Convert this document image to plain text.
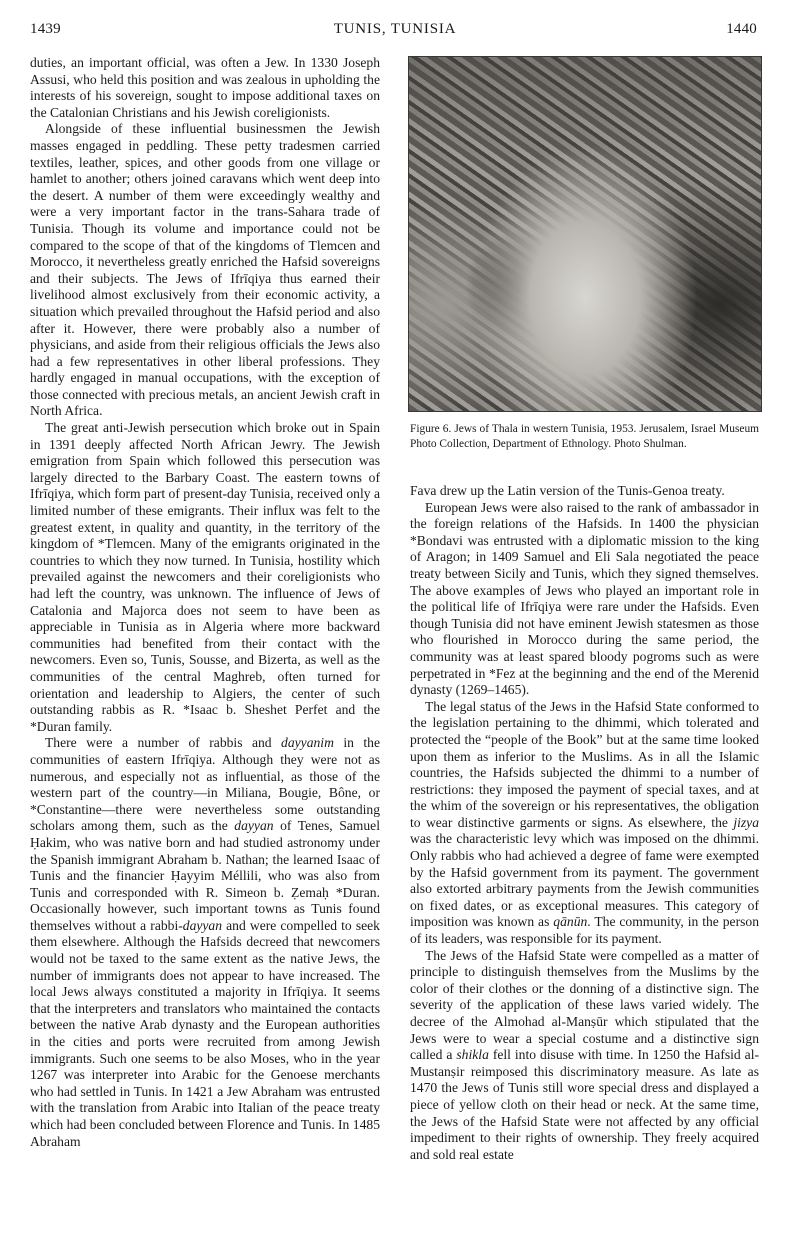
1439	TUNIS, TUNISIA	1440

duties, an important official, was often a Jew. In 1330 Joseph Assusi, who held this position and was zealous in upholding the interests of his sovereign, sought to impose additional taxes on the Catalonian Christians and his Jewish coreligionists.

Alongside of these influential businessmen the Jewish masses engaged in peddling. These petty tradesmen carried textiles, leather, spices, and other goods from one village or hamlet to another; others joined caravans which went deep into the desert. A number of them were exceedingly wealthy and were a very important factor in the trans-Sahara trade of Tunisia. Though its volume and importance could not be compared to the scope of that of the kingdoms of Tlemcen and Morocco, it nevertheless greatly enriched the Hafsid sovereigns and their subjects. The Jews of Ifrīqiya thus earned their livelihood almost exclusively from their economic activity, a situation which prevailed throughout the Hafsid period and also after it. However, there were probably also a number of physicians, and aside from their religious officials the Jews also had a few representatives in other liberal professions. They hardly engaged in manual occupations, with the exception of those connected with precious metals, an ancient Jewish craft in North Africa.

The great anti-Jewish persecution which broke out in Spain in 1391 deeply affected North African Jewry. The Jewish emigration from Spain which followed this persecution was largely directed to the Barbary Coast. The eastern towns of Ifrīqiya, which form part of present-day Tunisia, received only a limited number of these emigrants. Their influx was felt to the greatest extent, in quality and quantity, in the territory of the kingdom of *Tlemcen. Many of the emigrants originated in the countries to which they now turned. In Tunisia, hostility which prevailed against the newcomers and their coreligionists who had left the country, was unknown. The influence of Jews of Catalonia and Majorca does not seem to have been as appreciable in Tunisia as in Algeria where more backward communities had benefited from their contact with the newcomers. Even so, Tunis, Sousse, and Bizerta, as well as the communities of the central Maghreb, often turned for orientation and leadership to Algiers, the center of such outstanding rabbis as R. *Isaac b. Sheshet Perfet and the *Duran family.

There were a number of rabbis and dayyanim in the communities of eastern Ifrīqiya. Although they were not as numerous, and especially not as influential, as those of the western part of the country—in Miliana, Bougie, Bône, or *Constantine—there were nevertheless some outstanding scholars among them, such as the dayyan of Tenes, Samuel Ḥakim, who was native born and had studied astronomy under the Spanish immigrant Abraham b. Nathan; the learned Isaac of Tunis and the financier Ḥayyim Méllili, who was also from Tunis and corresponded with R. Simeon b. Ẓemaḥ *Duran. Occasionally however, such important towns as Tunis found themselves without a rabbi-dayyan and were compelled to seek them elsewhere. Although the Hafsids decreed that newcomers would not be taxed to the same extent as the native Jews, the number of immigrants does not appear to have increased. The local Jews always constituted a majority in Ifrīqiya. It seems that the interpreters and translators who maintained the contacts between the native Arab dynasty and the European authorities in the cities and ports were recruited from among Jewish immigrants. Such one seems to be also Moses, who in the year 1267 was interpreter into Arabic for the Genoese merchants who had settled in Tunis. In 1421 a Jew Abraham was entrusted with the translation from Arabic into Italian of the peace treaty which had been concluded between Florence and Tunis. In 1485 Abraham

Figure 6. Jews of Thala in western Tunisia, 1953. Jerusalem, Israel Museum Photo Collection, Department of Ethnology. Photo Shulman.

Fava drew up the Latin version of the Tunis-Genoa treaty.

European Jews were also raised to the rank of ambassador in the foreign relations of the Hafsids. In 1400 the physician *Bondavi was entrusted with a diplomatic mission to the king of Aragon; in 1409 Samuel and Eli Sala negotiated the peace treaty between Sicily and Tunis, which they signed themselves. The above examples of Jews who played an important role in the political life of Ifrīqiya were rare under the Hafsids. Even though Tunisia did not have eminent Jewish statesmen as those who flourished in Morocco during the same period, the community was at least spared bloody pogroms such as were perpetrated in *Fez at the beginning and the end of the Merenid dynasty (1269–1465).

The legal status of the Jews in the Hafsid State conformed to the legislation pertaining to the dhimmi, which tolerated and protected the “people of the Book” but at the same time looked upon them as inferior to the Muslims. As in all the Islamic countries, the Hafsids subjected the dhimmi to a number of restrictions: they imposed the payment of special taxes, and at the whim of the sovereign or his representatives, the obligation to wear distinctive garments or signs. As elsewhere, the jizya was the characteristic levy which was imposed on the dhimmi. Only rabbis who had achieved a degree of fame were exempted by the Hafsid government from its payment. The government also extorted arbitrary payments from the Jewish communities on fixed dates, or as exceptional measures. This category of imposition was known as qānūn. The community, in the person of its leaders, was responsible for its payment.

The Jews of the Hafsid State were compelled as a matter of principle to distinguish themselves from the Muslims by the color of their clothes or the donning of a distinctive sign. The severity of the application of these laws varied widely. The decree of the Almohad al-Manṣūr which stipulated that the Jews were to wear a special costume and a distinctive sign called a shikla fell into disuse with time. In 1250 the Hafsid al-Mustanṣir reimposed this discriminatory measure. As late as 1470 the Jews of Tunis still wore special dress and displayed a piece of yellow cloth on their head or neck. At the same time, the Jews of the Hafsid State were not affected by any official impediment to their rights of ownership. They freely acquired and sold real estate
